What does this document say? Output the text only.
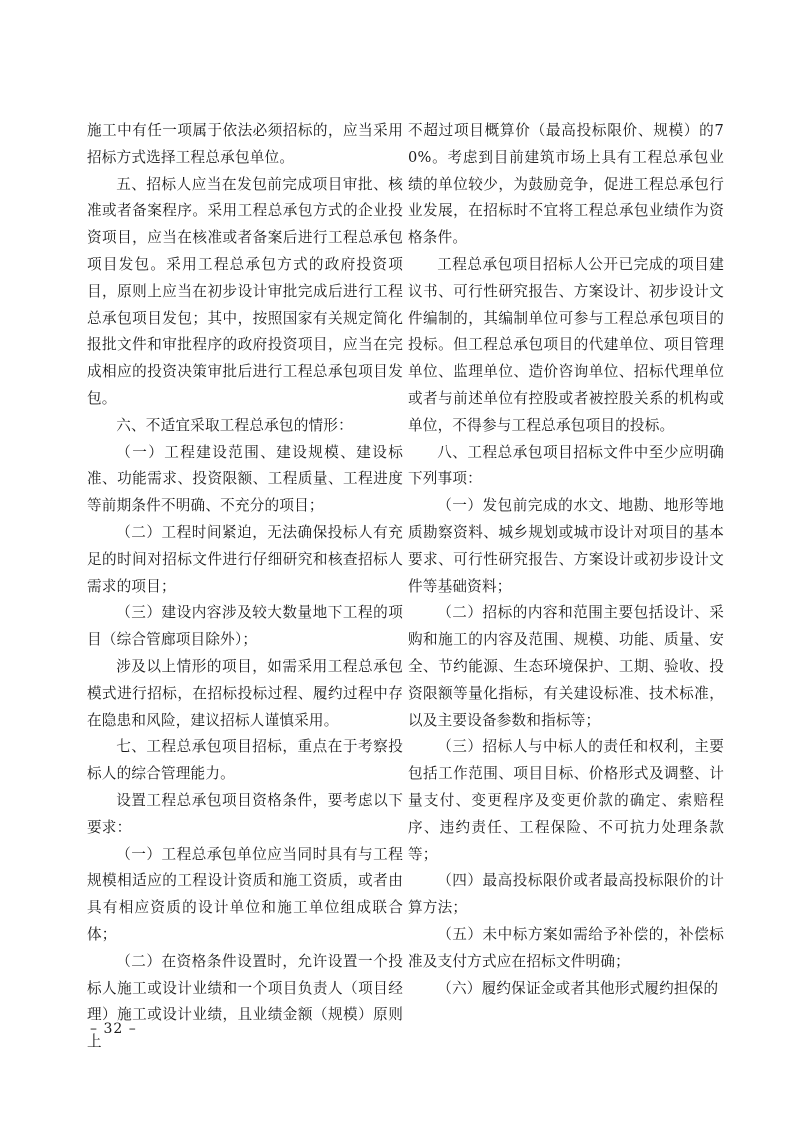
施工中有任一项属于依法必须招标的，应当采用招标方式选择工程总承包单位。

五、招标人应当在发包前完成项目审批、核准或者备案程序。采用工程总承包方式的企业投资项目，应当在核准或者备案后进行工程总承包项目发包。采用工程总承包方式的政府投资项目，原则上应当在初步设计审批完成后进行工程总承包项目发包；其中，按照国家有关规定简化报批文件和审批程序的政府投资项目，应当在完成相应的投资决策审批后进行工程总承包项目发包。

六、不适宜采取工程总承包的情形：

（一）工程建设范围、建设规模、建设标准、功能需求、投资限额、工程质量、工程进度等前期条件不明确、不充分的项目；

（二）工程时间紧迫，无法确保投标人有充足的时间对招标文件进行仔细研究和核查招标人需求的项目；

（三）建设内容涉及较大数量地下工程的项目（综合管廊项目除外）；

涉及以上情形的项目，如需采用工程总承包模式进行招标，在招标投标过程、履约过程中存在隐患和风险，建议招标人谨慎采用。

七、工程总承包项目招标，重点在于考察投标人的综合管理能力。

设置工程总承包项目资格条件，要考虑以下要求：

（一）工程总承包单位应当同时具有与工程规模相适应的工程设计资质和施工资质，或者由具有相应资质的设计单位和施工单位组成联合体；

（二）在资格条件设置时，允许设置一个投标人施工或设计业绩和一个项目负责人（项目经理）施工或设计业绩，且业绩金额（规模）原则上

不超过项目概算价（最高投标限价、规模）的70%。考虑到目前建筑市场上具有工程总承包业绩的单位较少，为鼓励竞争，促进工程总承包行业发展，在招标时不宜将工程总承包业绩作为资格条件。

工程总承包项目招标人公开已完成的项目建议书、可行性研究报告、方案设计、初步设计文件编制的，其编制单位可参与工程总承包项目的投标。但工程总承包项目的代建单位、项目管理单位、监理单位、造价咨询单位、招标代理单位或者与前述单位有控股或者被控股关系的机构或单位，不得参与工程总承包项目的投标。

八、工程总承包项目招标文件中至少应明确下列事项：

（一）发包前完成的水文、地勘、地形等地质勘察资料、城乡规划或城市设计对项目的基本要求、可行性研究报告、方案设计或初步设计文件等基础资料；

（二）招标的内容和范围主要包括设计、采购和施工的内容及范围、规模、功能、质量、安全、节约能源、生态环境保护、工期、验收、投资限额等量化指标，有关建设标准、技术标准，以及主要设备参数和指标等；

（三）招标人与中标人的责任和权利，主要包括工作范围、项目目标、价格形式及调整、计量支付、变更程序及变更价款的确定、索赔程序、违约责任、工程保险、不可抗力处理条款等；

（四）最高投标限价或者最高投标限价的计算方法；

（五）未中标方案如需给予补偿的，补偿标准及支付方式应在招标文件明确；

（六）履约保证金或者其他形式履约担保的

– 32 –
